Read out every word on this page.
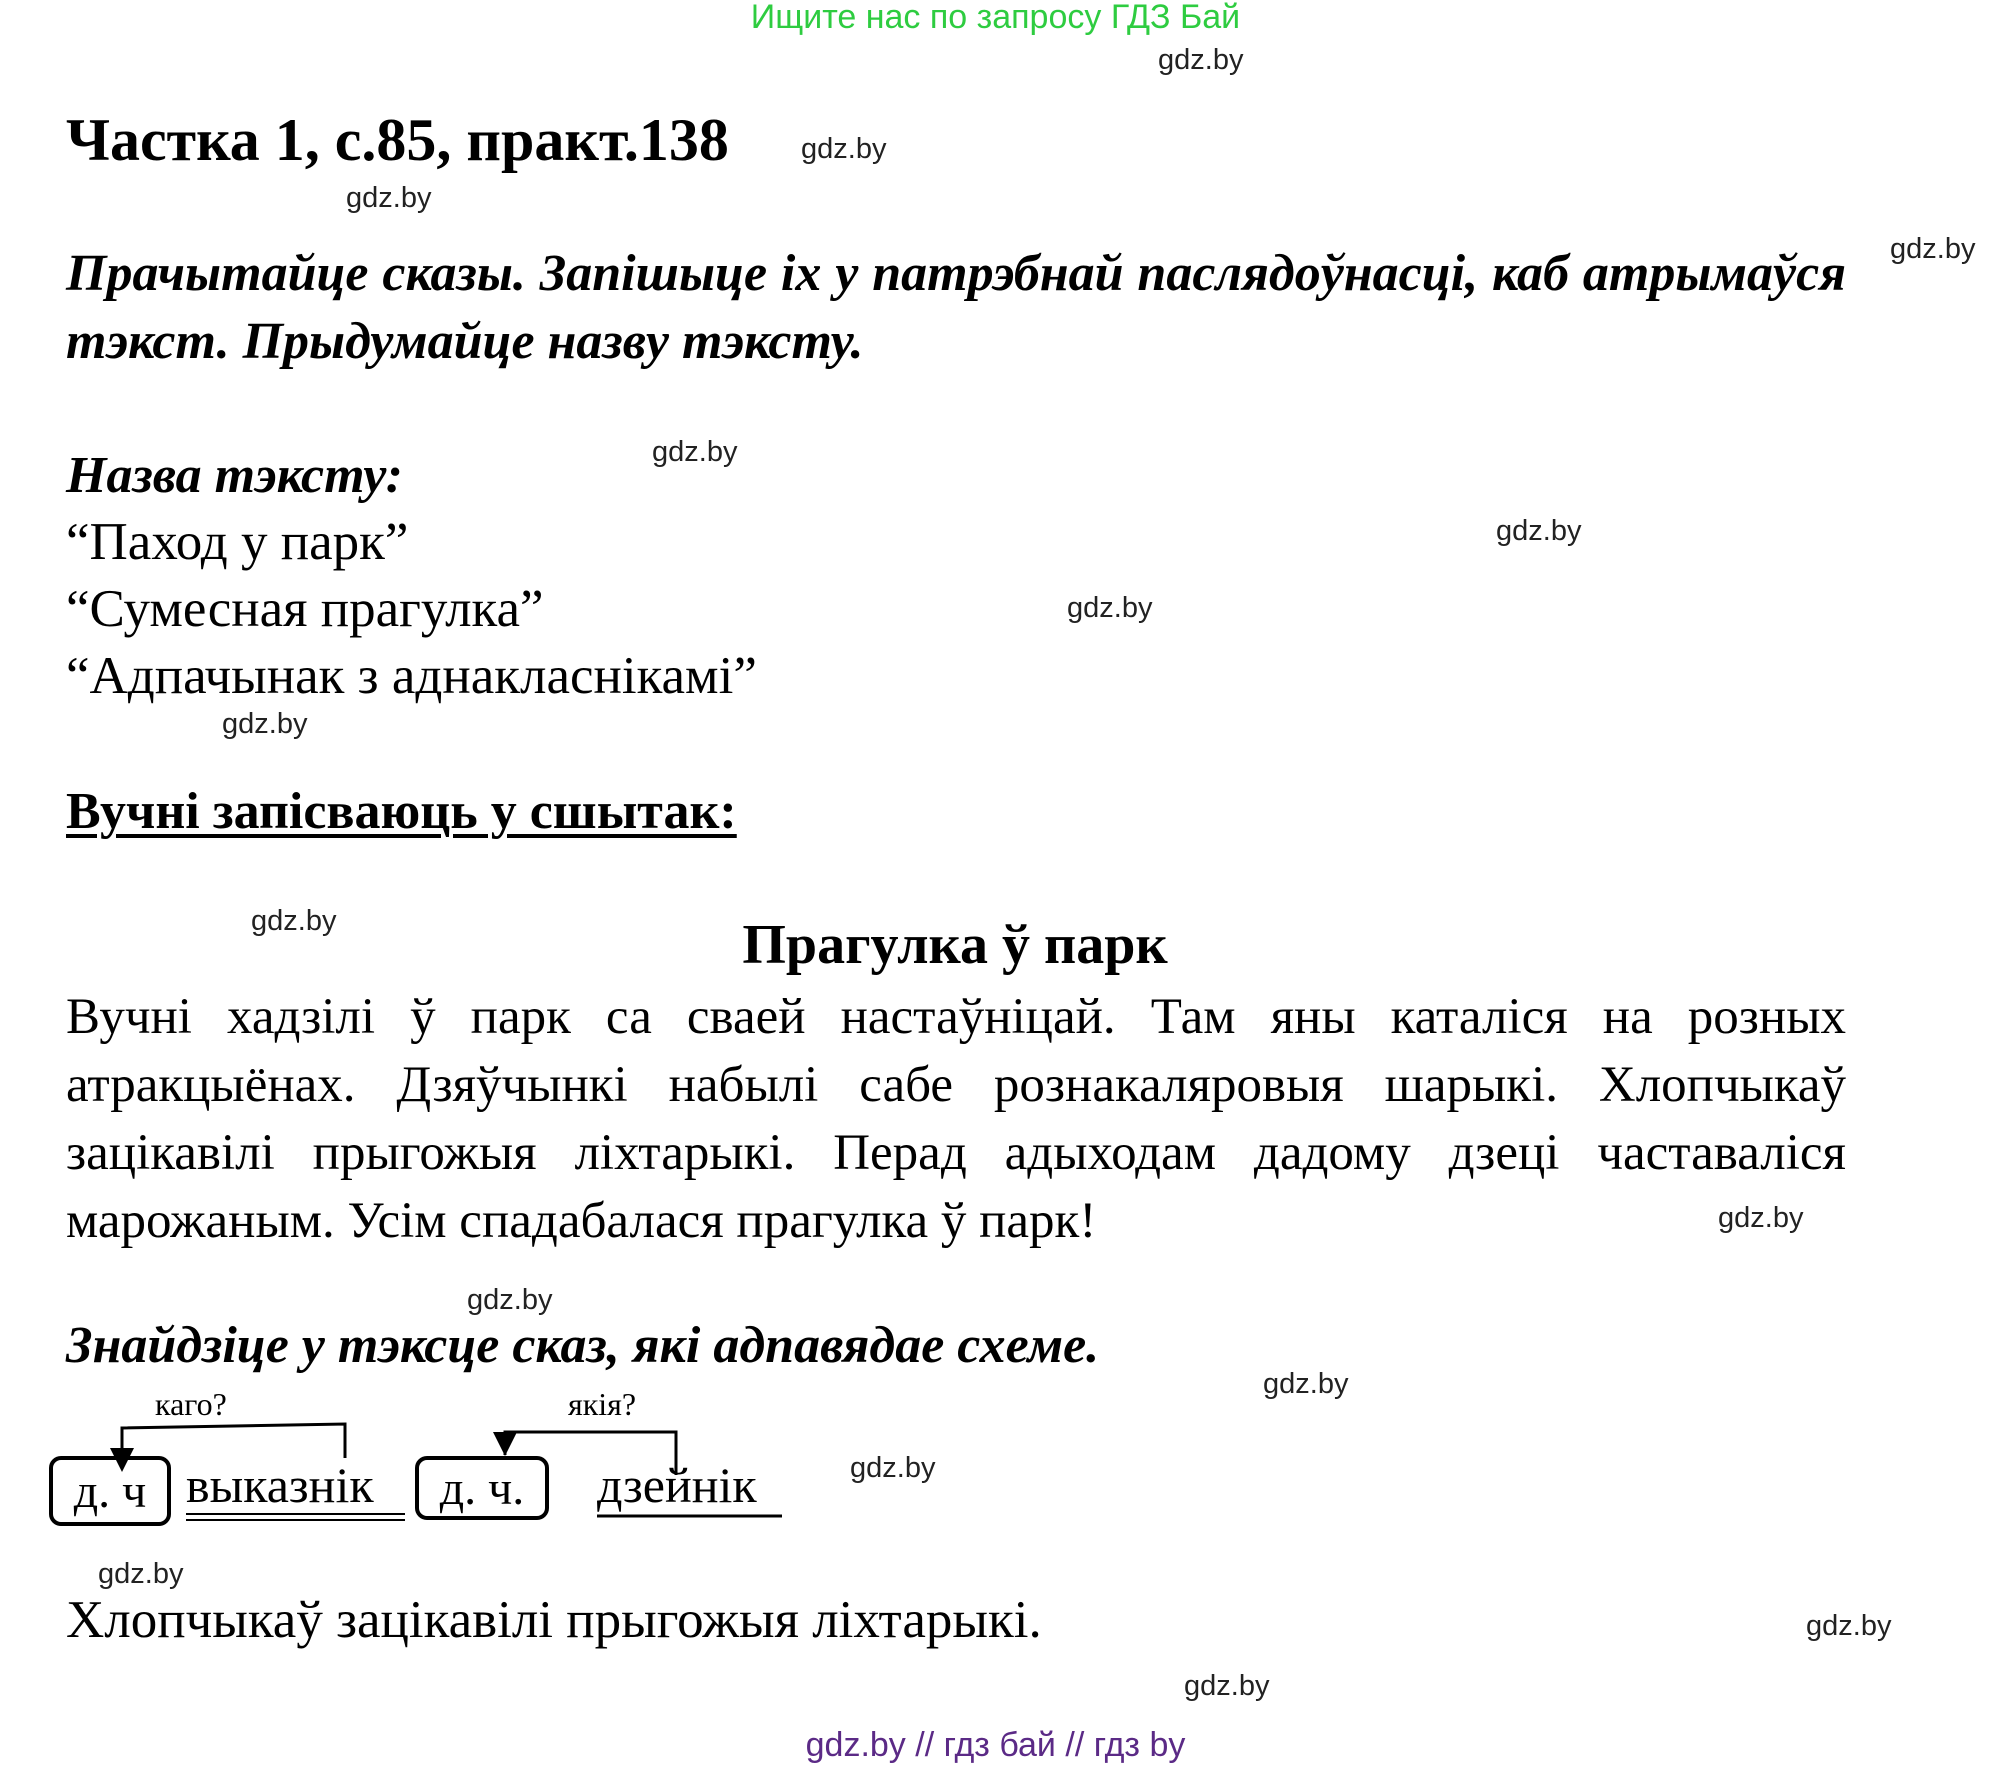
Ищите нас по запросу ГДЗ Бай
gdz.by
Частка 1, с.85, практ.138 gdz.by
gdz.by
gdz.by
Прачытайце сказы. Запішыце іх у патрэбнай паслядоўнасці, каб атрымаўся тэкст. Прыдумайце назву тэксту.
gdz.by
Назва тэксту:
gdz.by
“Паход у парк”
gdz.by
“Сумесная прагулка”
“Адпачынак з аднакласнікамі”
gdz.by
Вучні запісваюць у сшытак:
gdz.by	Прагулка ў парк
Вучні хадзілі ў парк са сваей настаўніцай. Там яны каталіся на розных атракцыёнах. Дзяўчынкі набылі сабе рознакаляровыя шарыкі. Хлопчыкаў зацікавілі прыгожыя ліхтарыкі. Перад адыходам дадому дзеці частаваліся марожаным. Усім спадабалася прагулка ў парк!	gdz.by
gdz.by
Знайдзіце у тэксце сказ, які адпавядае схеме.
gdz.by
каго?	якія?
д. ч выказнік д. ч. дзейнік	gdz.by
gdz.by
Хлопчыкаў зацікавілі прыгожыя ліхтарыкі.	gdz.by
gdz.by
gdz.by // гдз бай // гдз by
